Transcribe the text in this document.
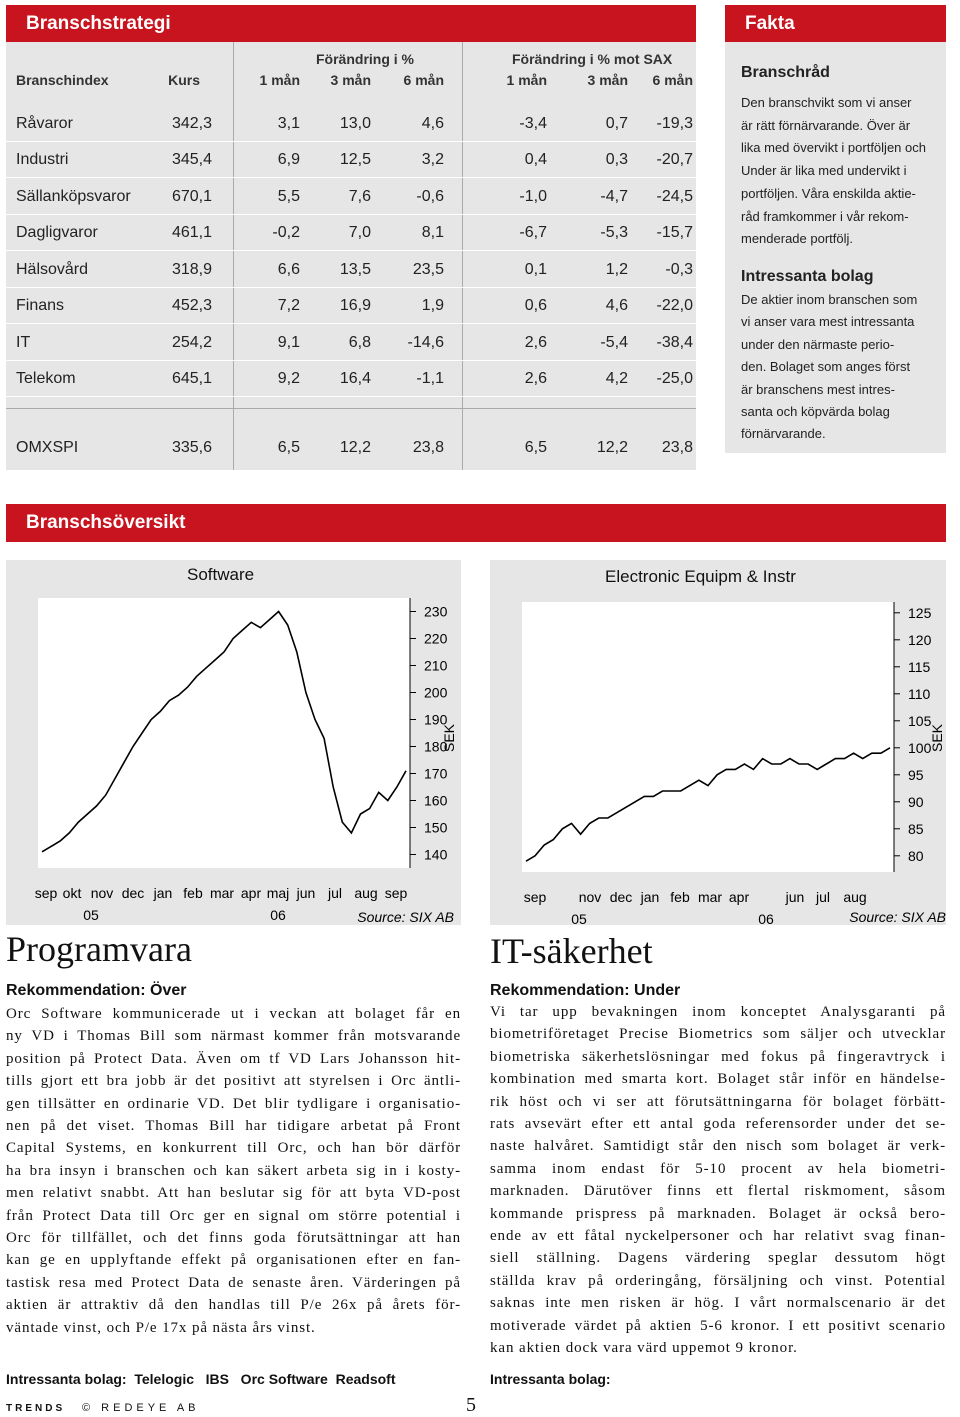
Branschstrategi
Förändring i %	Förändring i % mot SAX
Branschindex	Kurs	1 mån	3 mån	6 mån	1 mån	3 mån	6 mån
Råvaror	342,3	3,1	13,0	4,6	-3,4	0,7	-19,3
Industri	345,4	6,9	12,5	3,2	0,4	0,3	-20,7
Sällanköpsvaror	670,1	5,5	7,6	-0,6	-1,0	-4,7	-24,5
Dagligvaror	461,1	-0,2	7,0	8,1	-6,7	-5,3	-15,7
Hälsovård	318,9	6,6	13,5	23,5	0,1	1,2	-0,3
Finans	452,3	7,2	16,9	1,9	0,6	4,6	-22,0
IT	254,2	9,1	6,8	-14,6	2,6	-5,4	-38,4
Telekom	645,1	9,2	16,4	-1,1	2,6	4,2	-25,0
OMXSPI	335,6	6,5	12,2	23,8	6,5	12,2	23,8
Fakta
Branschråd
Den branschvikt som vi anser
är rätt förnärvarande. Över är
lika med övervikt i portföljen och
Under är lika med undervikt i
portföljen. Våra enskilda aktie-
råd framkommer i vår rekom-
menderade portfölj.
Intressanta bolag
De aktier inom branschen som
vi anser vara mest intressanta
under den närmaste perio-
den. Bolaget som anges först
är branschens mest intres-
santa och köpvärda bolag
förnärvarande.
Branschsöversikt
Software
230
220
210
200
190
180
170
160
150
140
sep okt nov dec jan feb mar apr maj jun jul aug sep
05	06
SEK
Source: SIX AB
Electronic Equipm & Instr
125
120
115
110
105
100
95
90
85
80
sep nov dec jan feb mar apr	jun jul aug
05	06
SEK
Source: SIX AB
Programvara
Rekommendation: Över
Orc Software kommunicerade ut i veckan att bolaget får en
ny VD i Thomas Bill som närmast kommer från motsvarande
position på Protect Data. Även om tf VD Lars Johansson hit-
tills gjort ett bra jobb är det positivt att styrelsen i Orc äntli-
gen tillsätter en ordinarie VD. Det blir tydligare i organisatio-
nen på det viset. Thomas Bill har tidigare arbetat på Front
Capital Systems, en konkurrent till Orc, och han bör därför
ha bra insyn i branschen och kan säkert arbeta sig in i kosty-
men relativt snabbt. Att han beslutar sig för att byta VD-post
från Protect Data till Orc ger en signal om större potential i
Orc för tillfället, och det finns goda förutsättningar att han
kan ge en upplyftande effekt på organisationen efter en fan-
tastisk resa med Protect Data de senaste åren. Värderingen på
aktien är attraktiv då den handlas till P/e 26x på årets för-
väntade vinst, och P/e 17x på nästa års vinst.
Intressanta bolag:  Telelogic   IBS   Orc Software  Readsoft
IT-säkerhet
Rekommendation: Under
Vi tar upp bevakningen inom konceptet Analysgaranti på
biometriföretaget Precise Biometrics som säljer och utvecklar
biometriska säkerhetslösningar med fokus på fingeravtryck i
kombination med smarta kort. Bolaget står inför en händelse-
rik höst och vi ser att förutsättningarna för bolaget förbätt-
rats avsevärt efter ett antal goda referensorder under det se-
naste halvåret. Samtidigt står den nisch som bolaget är verk-
samma inom endast för 5-10 procent av hela biometri-
marknaden. Därutöver finns ett flertal riskmoment, såsom
kommande prispress på marknaden. Bolaget är också bero-
ende av ett fåtal nyckelpersoner och har relativt svag finan-
siell ställning. Dagens värdering speglar dessutom högt
ställda krav på orderingång, försäljning och vinst. Potential
saknas inte men risken är hög. I vårt normalscenario är det
motiverade värdet på aktien 5-6 kronor. I ett positivt scenario
kan aktien dock vara värd uppemot 9 kronor.
Intressanta bolag:
TRENDS © REDEYE AB	5
